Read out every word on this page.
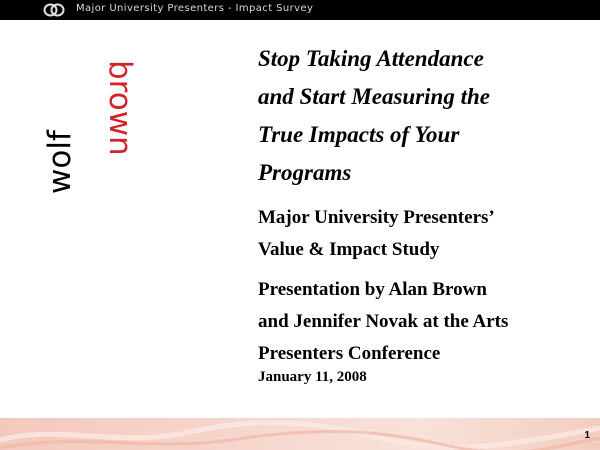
Major University Presenters - Impact Survey
wolf
brown
Stop Taking Attendance
and Start Measuring the
True Impacts of Your
Programs

Major University Presenters’
Value & Impact Study

Presentation by Alan Brown
and Jennifer Novak at the Arts
Presenters Conference

January 11, 2008

1
